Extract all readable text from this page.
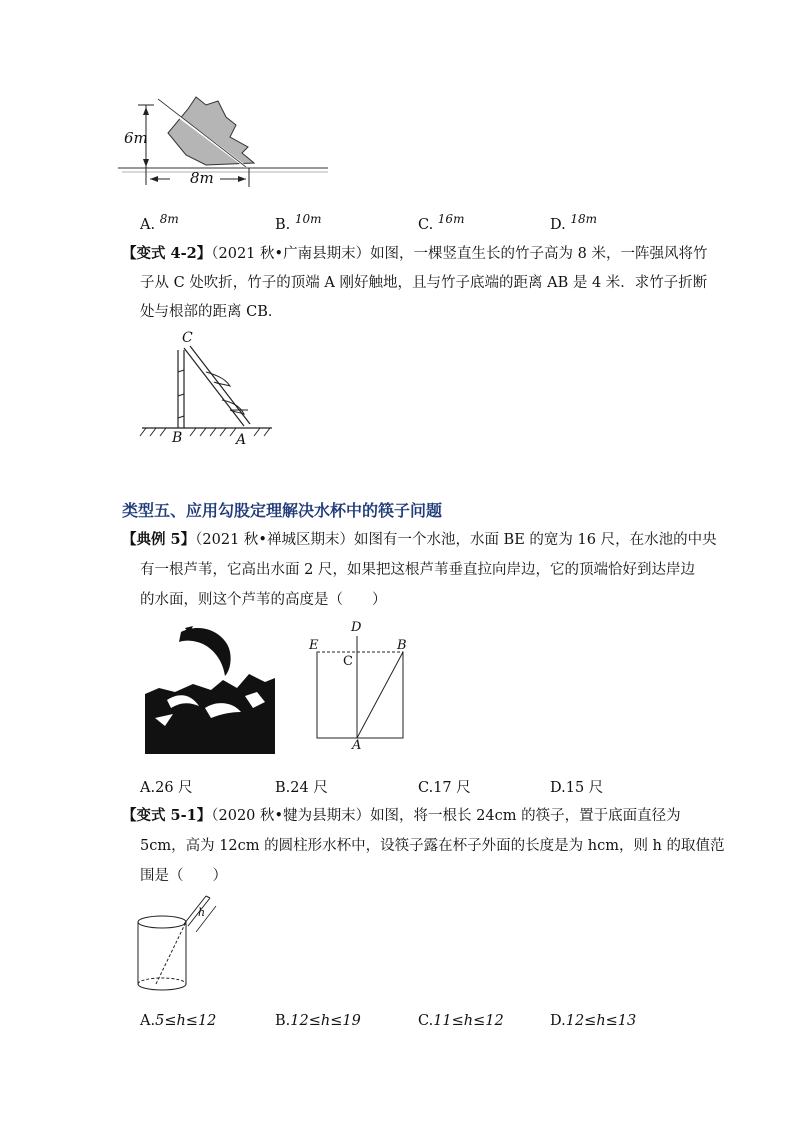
6m
8m
A. $^{8m}$	B. $^{10m}$	C. $^{16m}$	D. $^{18m}$
【变式 4-2】（2021 秋•广南县期末）如图，一棵竖直生长的竹子高为 8 米，一阵强风将竹
子从 C 处吹折，竹子的顶端 A 刚好触地，且与竹子底端的距离 AB 是 4 米．求竹子折断
处与根部的距离 CB．
C
B	A
类型五、应用勾股定理解决水杯中的筷子问题
【典例 5】（2021 秋•禅城区期末）如图有一个水池，水面 BE 的宽为 16 尺，在水池的中央
有一根芦苇，它高出水面 2 尺，如果把这根芦苇垂直拉向岸边，它的顶端恰好到达岸边
的水面，则这个芦苇的高度是（　　）
D
E
C
B
A
A.26 尺	B.24 尺	C.17 尺	D.15 尺
【变式 5-1】（2020 秋•犍为县期末）如图，将一根长 24cm 的筷子，置于底面直径为
5cm，高为 12cm 的圆柱形水杯中，设筷子露在杯子外面的长度是为 hcm，则 h 的取值范
围是（　　）
h
A.5≤h≤12	B.12≤h≤19	C.11≤h≤12	D.12≤h≤13
